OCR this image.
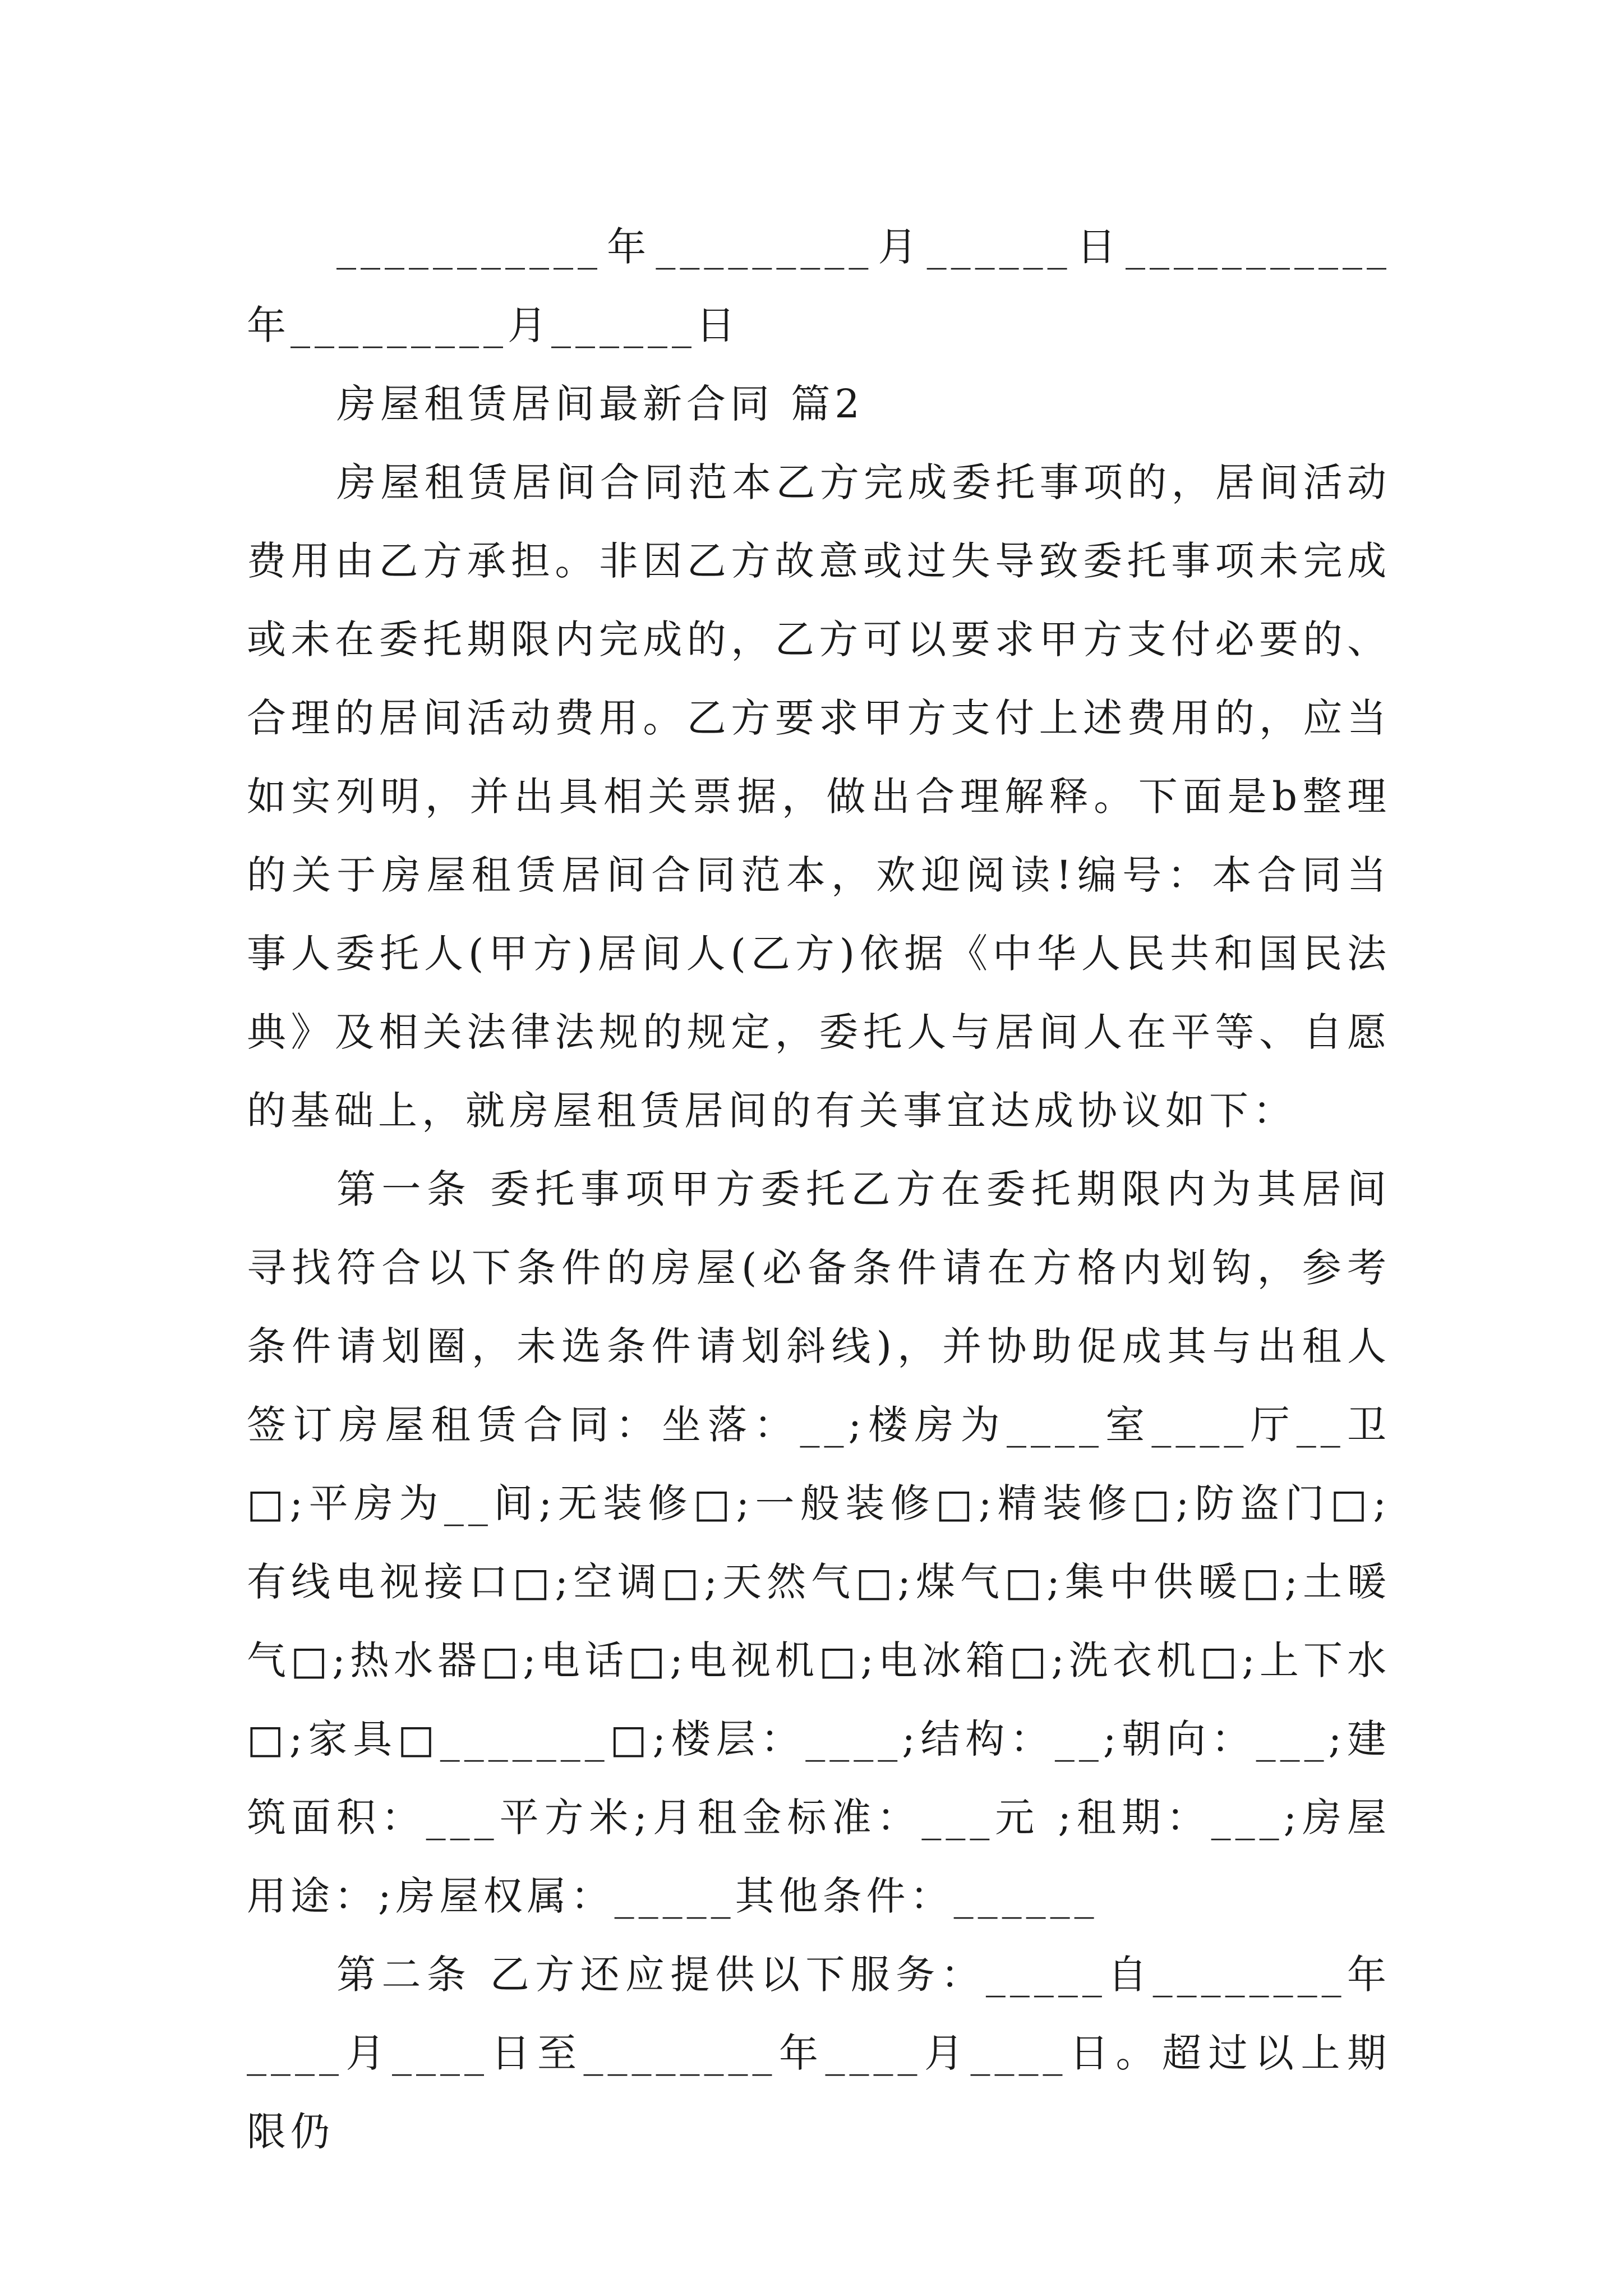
___________年_________月______日___________年_________月______日

房屋租赁居间最新合同 篇2

房屋租赁居间合同范本乙方完成委托事项的，居间活动费用由乙方承担。非因乙方故意或过失导致委托事项未完成或未在委托期限内完成的，乙方可以要求甲方支付必要的、合理的居间活动费用。乙方要求甲方支付上述费用的，应当如实列明，并出具相关票据，做出合理解释。下面是b整理的关于房屋租赁居间合同范本，欢迎阅读!编号：本合同当事人委托人(甲方)居间人(乙方)依据《中华人民共和国民法典》及相关法律法规的规定，委托人与居间人在平等、自愿的基础上，就房屋租赁居间的有关事宜达成协议如下：

第一条 委托事项甲方委托乙方在委托期限内为其居间寻找符合以下条件的房屋(必备条件请在方格内划钩，参考条件请划圈，未选条件请划斜线)，并协助促成其与出租人签订房屋租赁合同：坐落：__;楼房为____室____厅__卫□;平房为__间;无装修□;一般装修□;精装修□;防盗门□;有线电视接口□;空调□;天然气□;煤气□;集中供暖□;土暖气□;热水器□;电话□;电视机□;电冰箱□;洗衣机□;上下水□;家具□_______□;楼层：____;结构：__;朝向：___;建筑面积：___平方米;月租金标准：___元 ;租期：___;房屋用途：;房屋权属：_____其他条件：______

第二条 乙方还应提供以下服务：_____自________年____月____日至________年____月____日。超过以上期限仍
